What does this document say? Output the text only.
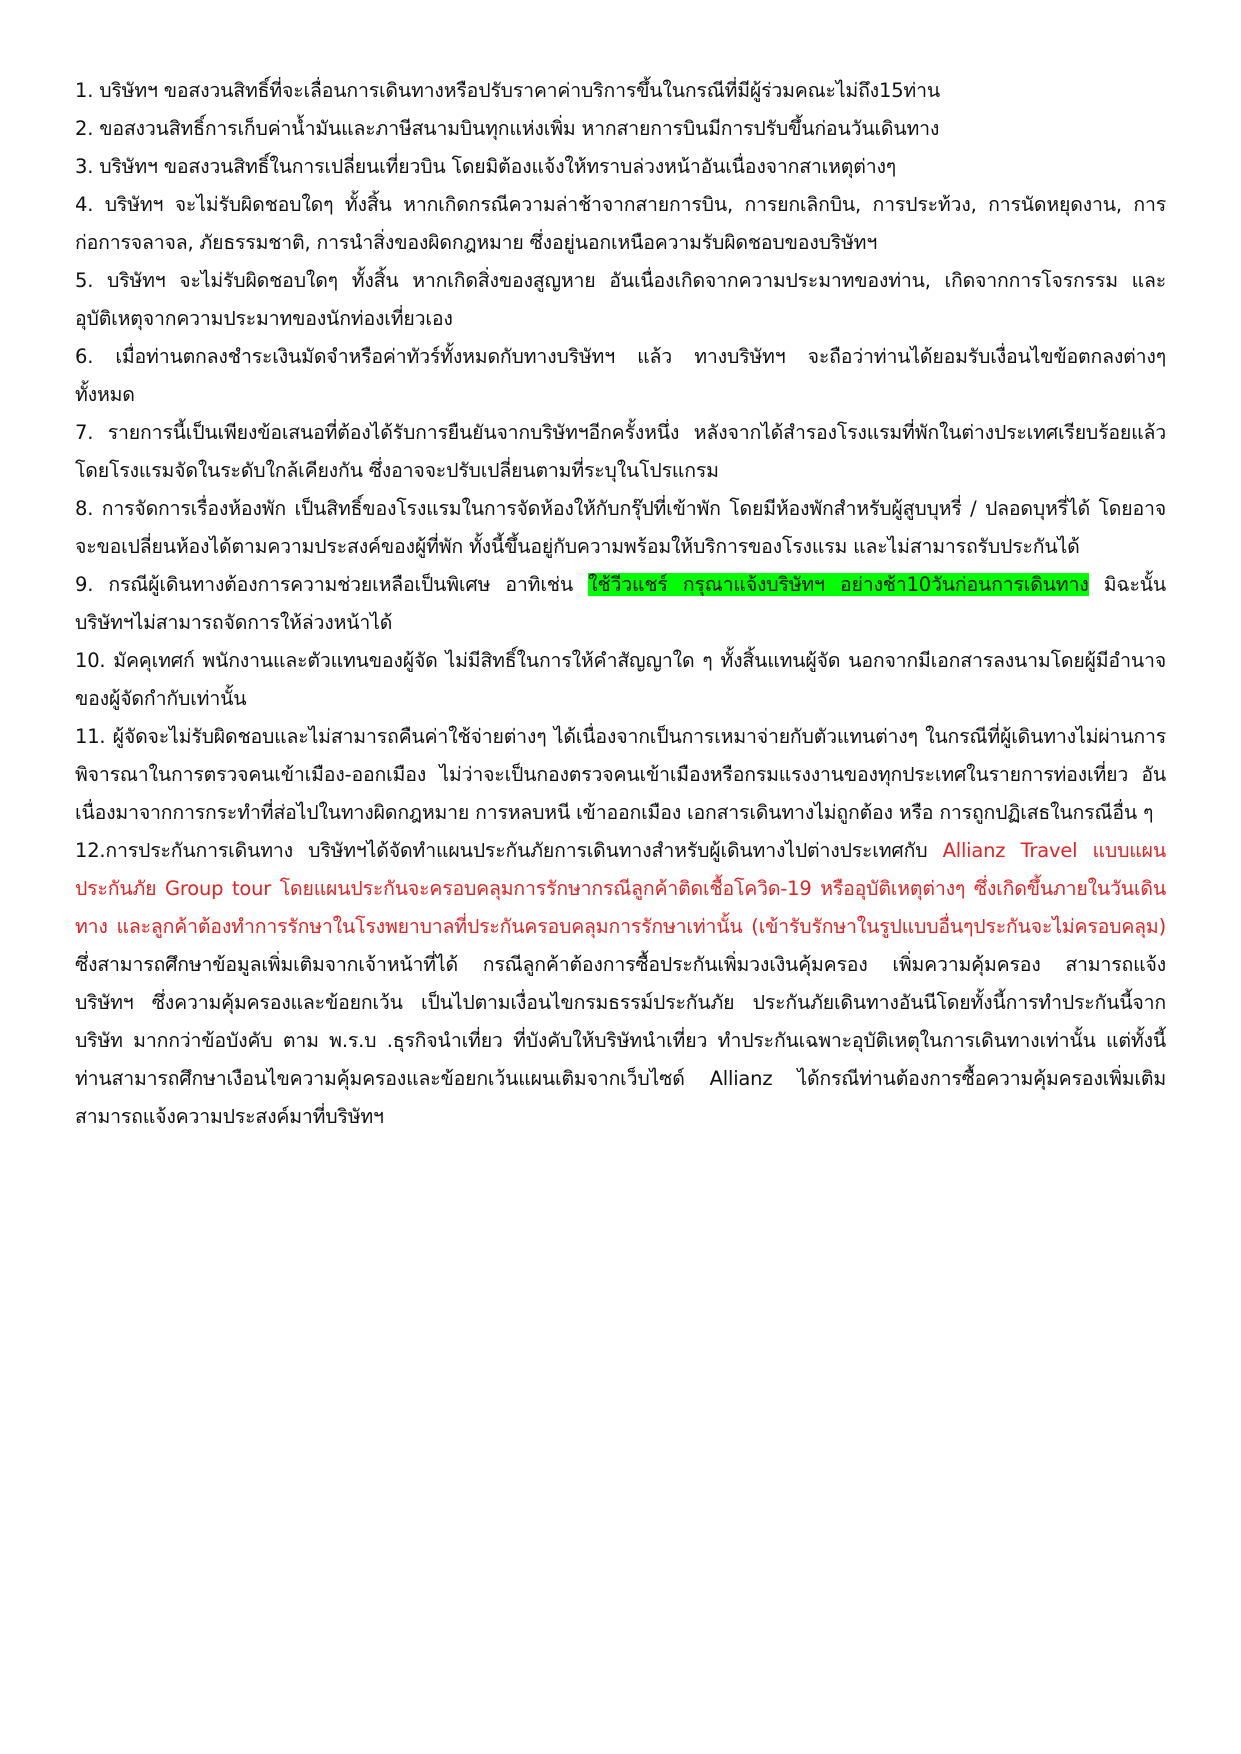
1. บริษัทฯ ขอสงวนสิทธิ์ที่จะเลื่อนการเดินทางหรือปรับราคาค่าบริการขึ้นในกรณีที่มีผู้ร่วมคณะไม่ถึง15ท่าน

2. ขอสงวนสิทธิ์การเก็บค่าน้ำมันและภาษีสนามบินทุกแห่งเพิ่ม หากสายการบินมีการปรับขึ้นก่อนวันเดินทาง

3. บริษัทฯ ขอสงวนสิทธิ์ในการเปลี่ยนเที่ยวบิน โดยมิต้องแจ้งให้ทราบล่วงหน้าอันเนื่องจากสาเหตุต่างๆ

4. บริษัทฯ จะไม่รับผิดชอบใดๆ ทั้งสิ้น หากเกิดกรณีความล่าช้าจากสายการบิน, การยกเลิกบิน, การประท้วง, การนัดหยุดงาน, การก่อการจลาจล, ภัยธรรมชาติ, การนำสิ่งของผิดกฎหมาย ซึ่งอยู่นอกเหนือความรับผิดชอบของบริษัทฯ

5. บริษัทฯ จะไม่รับผิดชอบใดๆ ทั้งสิ้น หากเกิดสิ่งของสูญหาย อันเนื่องเกิดจากความประมาทของท่าน, เกิดจากการโจรกรรม และอุบัติเหตุจากความประมาทของนักท่องเที่ยวเอง

6. เมื่อท่านตกลงชำระเงินมัดจำหรือค่าทัวร์ทั้งหมดกับทางบริษัทฯ แล้ว ทางบริษัทฯ จะถือว่าท่านได้ยอมรับเงื่อนไขข้อตกลงต่างๆ ทั้งหมด

7. รายการนี้เป็นเพียงข้อเสนอที่ต้องได้รับการยืนยันจากบริษัทฯอีกครั้งหนึ่ง หลังจากได้สำรองโรงแรมที่พักในต่างประเทศเรียบร้อยแล้ว โดยโรงแรมจัดในระดับใกล้เคียงกัน ซึ่งอาจจะปรับเปลี่ยนตามที่ระบุในโปรแกรม

8. การจัดการเรื่องห้องพัก เป็นสิทธิ์ของโรงแรมในการจัดห้องให้กับกรุ๊ปที่เข้าพัก โดยมีห้องพักสำหรับผู้สูบบุหรี่ / ปลอดบุหรี่ได้ โดยอาจจะขอเปลี่ยนห้องได้ตามความประสงค์ของผู้ที่พัก ทั้งนี้ขึ้นอยู่กับความพร้อมให้บริการของโรงแรม และไม่สามารถรับประกันได้

9. กรณีผู้เดินทางต้องการความช่วยเหลือเป็นพิเศษ อาทิเช่น ใช้วีวแชร์ กรุณาแจ้งบริษัทฯ อย่างช้า10วันก่อนการเดินทาง มิฉะนั้นบริษัทฯไม่สามารถจัดการให้ล่วงหน้าได้

10. มัคคุเทศก์ พนักงานและตัวแทนของผู้จัด ไม่มีสิทธิ์ในการให้คำสัญญาใด ๆ ทั้งสิ้นแทนผู้จัด นอกจากมีเอกสารลงนามโดยผู้มีอำนาจของผู้จัดกำกับเท่านั้น

11. ผู้จัดจะไม่รับผิดชอบและไม่สามารถคืนค่าใช้จ่ายต่างๆ ได้เนื่องจากเป็นการเหมาจ่ายกับตัวแทนต่างๆ ในกรณีที่ผู้เดินทางไม่ผ่านการพิจารณาในการตรวจคนเข้าเมือง-ออกเมือง ไม่ว่าจะเป็นกองตรวจคนเข้าเมืองหรือกรมแรงงานของทุกประเทศในรายการท่องเที่ยว อันเนื่องมาจากการกระทำที่ส่อไปในทางผิดกฎหมาย การหลบหนี เข้าออกเมือง เอกสารเดินทางไม่ถูกต้อง หรือ การถูกปฏิเสธในกรณีอื่น ๆ

12.การประกันการเดินทาง บริษัทฯได้จัดทำแผนประกันภัยการเดินทางสำหรับผู้เดินทางไปต่างประเทศกับ Allianz Travel แบบแผนประกันภัย Group tour โดยแผนประกันจะครอบคลุมการรักษากรณีลูกค้าติดเชื้อโควิด-19 หรืออุบัติเหตุต่างๆ ซึ่งเกิดขึ้นภายในวันเดินทาง และลูกค้าต้องทำการรักษาในโรงพยาบาลที่ประกันครอบคลุมการรักษาเท่านั้น (เข้ารับรักษาในรูปแบบอื่นๆประกันจะไม่ครอบคลุม) ซึ่งสามารถศึกษาข้อมูลเพิ่มเติมจากเจ้าหน้าที่ได้ กรณีลูกค้าต้องการซื้อประกันเพิ่มวงเงินคุ้มครอง เพิ่มความคุ้มครอง สามารถแจ้ง บริษัทฯ ซึ่งความคุ้มครองและข้อยกเว้น เป็นไปตามเงื่อนไขกรมธรรม์ประกันภัย ประกันภัยเดินทางอันนีโดยทั้งนี้การทำประกันนี้จากบริษัท มากกว่าข้อบังคับ ตาม พ.ร.บ .ธุรกิจนำเที่ยว ที่บังคับให้บริษัทนำเที่ยว ทำประกันเฉพาะอุบัติเหตุในการเดินทางเท่านั้น แต่ทั้งนี้ ท่านสามารถศึกษาเงือนไขความคุ้มครองและข้อยกเว้นแผนเติมจากเว็บไซด์ Allianz ได้กรณีท่านต้องการซื้อความคุ้มครองเพิ่มเติมสามารถแจ้งความประสงค์มาที่บริษัทฯ
